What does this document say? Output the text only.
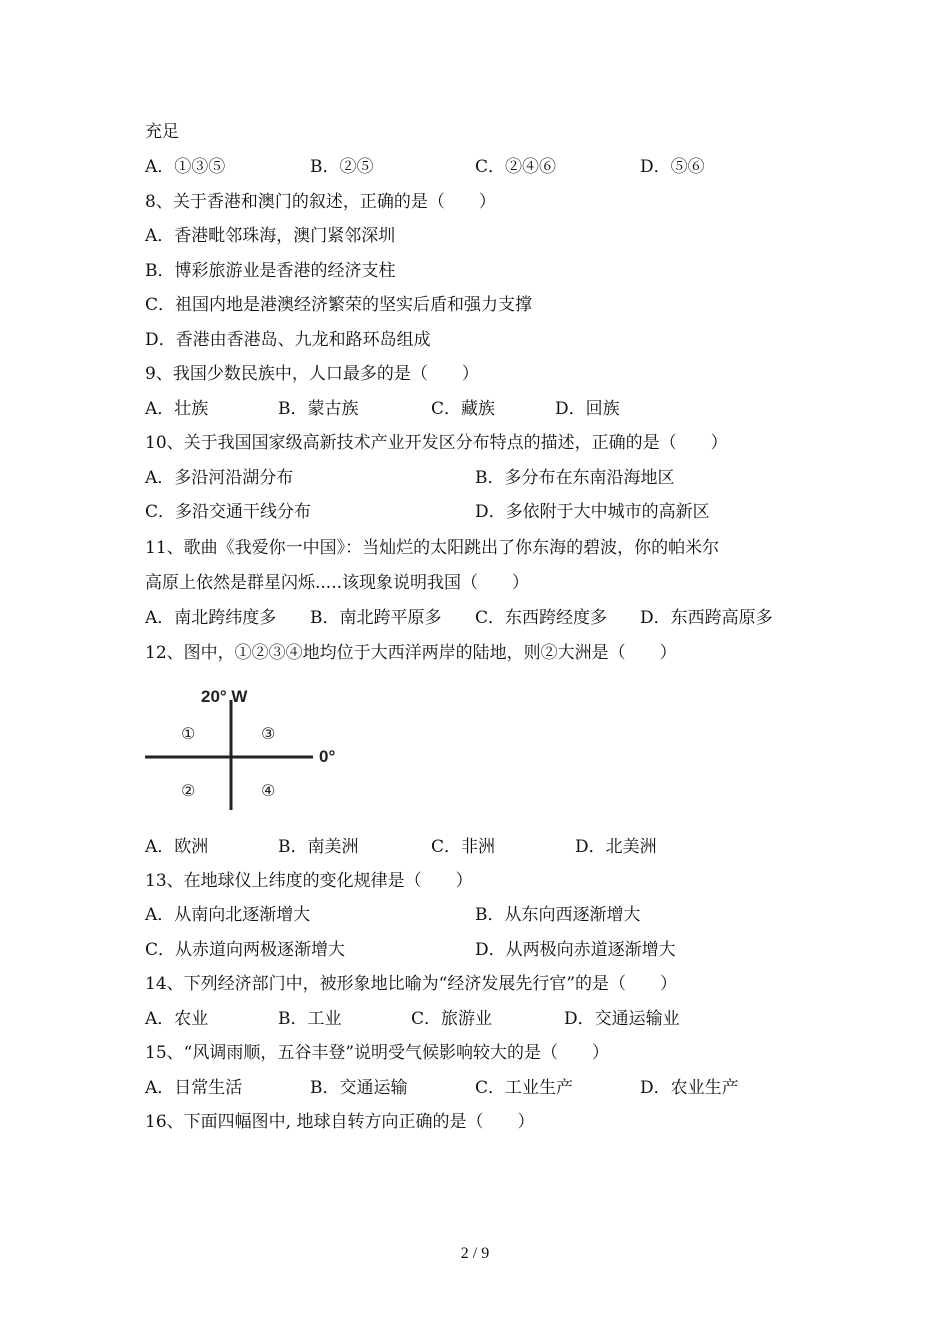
充足
A．①③⑤	B．②⑤	C．②④⑥	D．⑤⑥
8、关于香港和澳门的叙述，正确的是（　　）
A．香港毗邻珠海，澳门紧邻深圳
B．博彩旅游业是香港的经济支柱
C．祖国内地是港澳经济繁荣的坚实后盾和强力支撑
D．香港由香港岛、九龙和路环岛组成
9、我国少数民族中，人口最多的是（　　）
A．壮族	B．蒙古族	C．藏族	D．回族
10、关于我国国家级高新技术产业开发区分布特点的描述，正确的是（　　）
A．多沿河沿湖分布	B．多分布在东南沿海地区
C．多沿交通干线分布	D．多依附于大中城市的高新区
11、歌曲《我爱你一中国》：当灿烂的太阳跳出了你东海的碧波，你的帕米尔
高原上依然是群星闪烁.....该现象说明我国（　　）
A．南北跨纬度多 B．南北跨平原多 C．东西跨经度多 D．东西跨高原多
12、图中，①②③④地均位于大西洋两岸的陆地，则②大洲是（　　）
20° W
0°
①	③
②	④
A．欧洲	B．南美洲	C．非洲	D．北美洲
13、在地球仪上纬度的变化规律是（　　）
A．从南向北逐渐增大	B．从东向西逐渐增大
C．从赤道向两极逐渐增大	D．从两极向赤道逐渐增大
14、下列经济部门中，被形象地比喻为“经济发展先行官”的是（　　）
A．农业	B．工业	C．旅游业	D．交通运输业
15、“风调雨顺，五谷丰登”说明受气候影响较大的是（　　）
A．日常生活	B．交通运输	C．工业生产	D．农业生产
16、下面四幅图中, 地球自转方向正确的是（　　）
2 / 9
